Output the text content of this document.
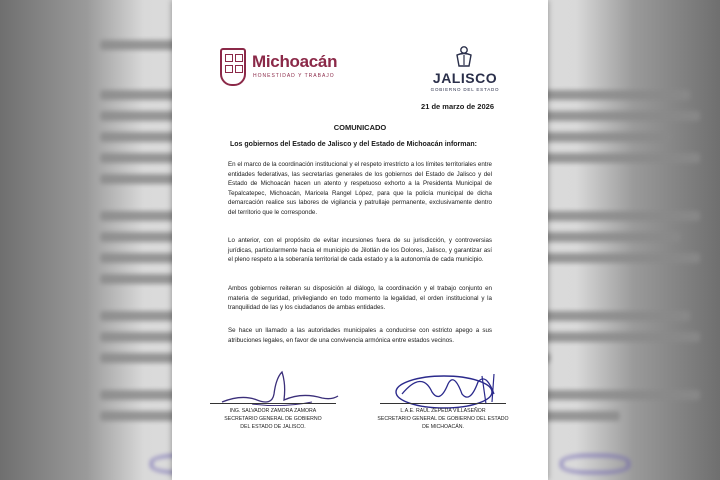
Michoacán
HONESTIDAD Y TRABAJO	JALISCO
GOBIERNO DEL ESTADO
21 de marzo de 2026
COMUNICADO
Los gobiernos del Estado de Jalisco y del Estado de Michoacán informan:

En el marco de la coordinación institucional y el respeto irrestricto a los límites territoriales entre entidades federativas, las secretarías generales de los gobiernos del Estado de Jalisco y del Estado de Michoacán hacen un atento y respetuoso exhorto a la Presidenta Municipal de Tepalcatepec, Michoacán, Maricela Rangel López, para que la policía municipal de dicha demarcación realice sus labores de vigilancia y patrullaje permanente, exclusivamente dentro del territorio que le corresponde.

Lo anterior, con el propósito de evitar incursiones fuera de su jurisdicción, y controversias jurídicas, particularmente hacia el municipio de Jilotlán de los Dolores, Jalisco, y garantizar así el pleno respeto a la soberanía territorial de cada estado y a la autonomía de cada municipio.

Ambos gobiernos reiteran su disposición al diálogo, la coordinación y el trabajo conjunto en materia de seguridad, privilegiando en todo momento la legalidad, el orden institucional y la tranquilidad de las y los ciudadanos de ambas entidades.

Se hace un llamado a las autoridades municipales a conducirse con estricto apego a sus atribuciones legales, en favor de una convivencia armónica entre estados vecinos.

ING. SALVADOR ZAMORA ZAMORA
SECRETARIO GENERAL DE GOBIERNO
DEL ESTADO DE JALISCO.
L.A.E. RAÚL ZEPEDA VILLASEÑOR
SECRETARIO GENERAL DE GOBIERNO DEL ESTADO
DE MICHOACÁN.
